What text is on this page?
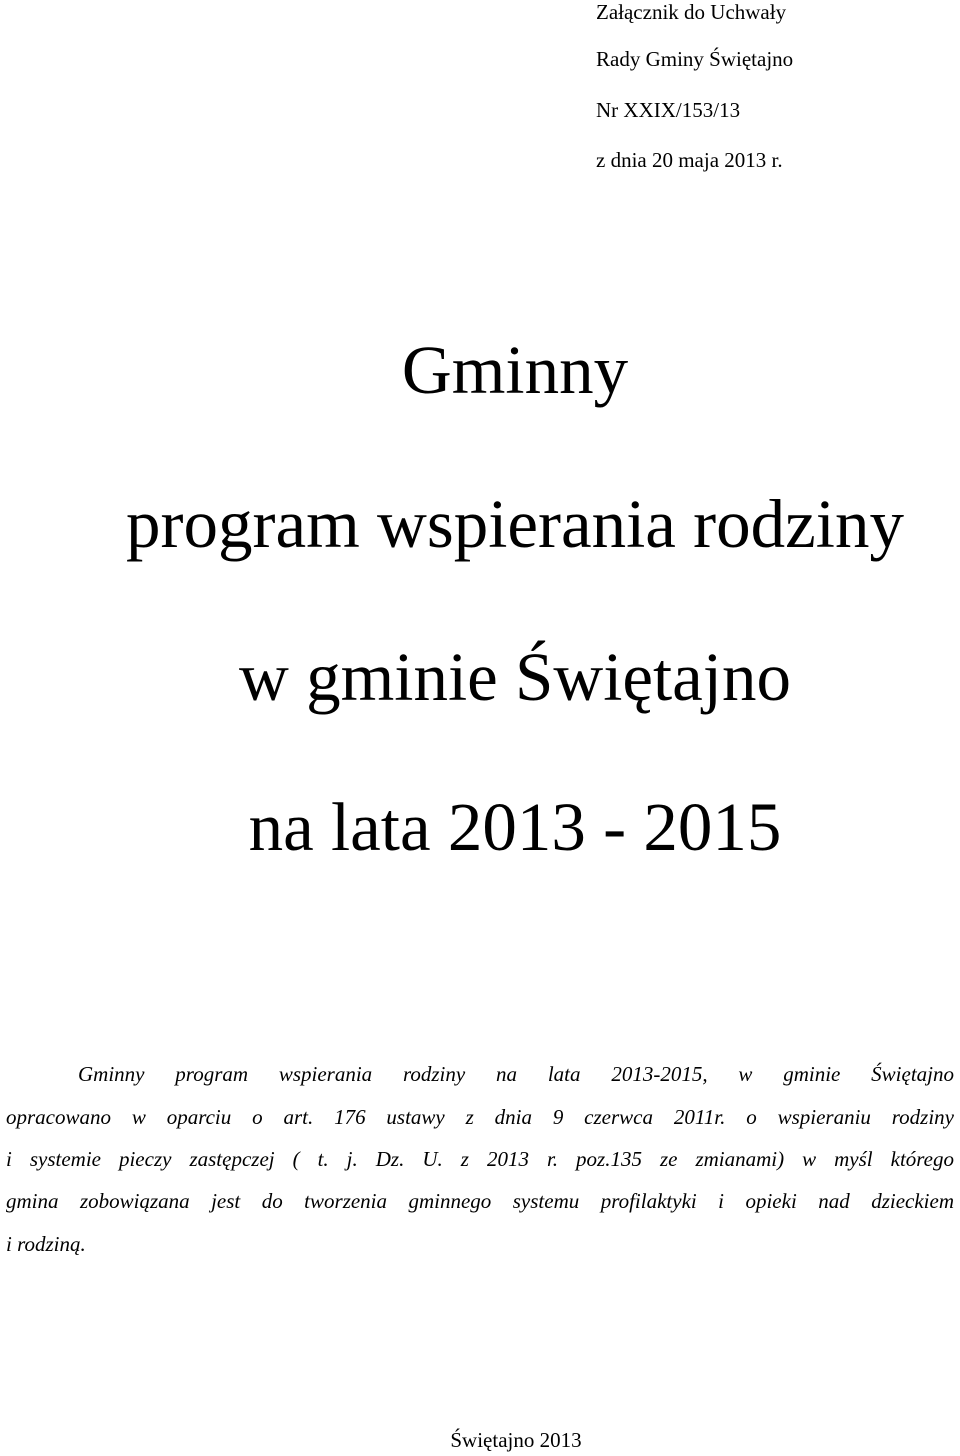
Załącznik do Uchwały
Rady Gminy Świętajno
Nr XXIX/153/13
z dnia 20 maja 2013 r.
Gminny
program wspierania rodziny
w gminie Świętajno
na lata 2013 - 2015
Gminny program wspierania rodziny na lata 2013-2015, w gminie Świętajno
opracowano w oparciu o art. 176 ustawy z dnia 9 czerwca 2011r. o wspieraniu rodziny
i systemie pieczy zastępczej ( t. j. Dz. U. z 2013 r. poz.135 ze zmianami) w myśl którego
gmina zobowiązana jest do tworzenia gminnego systemu profilaktyki i opieki nad dzieckiem
i rodziną.
Świętajno 2013
